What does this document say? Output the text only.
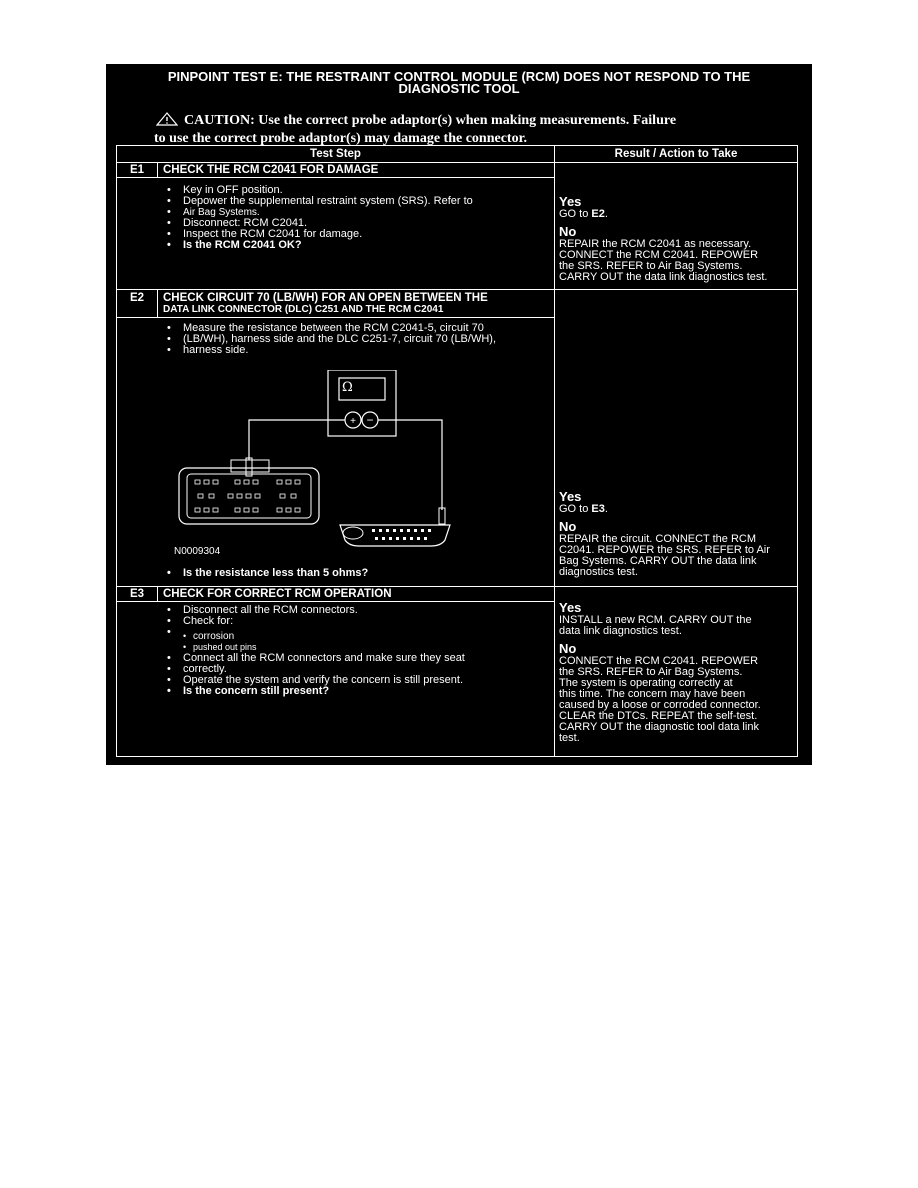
PINPOINT TEST E: THE RESTRAINT CONTROL MODULE (RCM) DOES NOT RESPOND TO THE
DIAGNOSTIC TOOL
CAUTION: Use the correct probe adaptor(s) when making measurements. Failure
to use the correct probe adaptor(s) may damage the connector.
Test Step	Result / Action to Take
E1	CHECK THE RCM C2041 FOR DAMAGE
• Key in OFF position.
• Depower the supplemental restraint system (SRS). Refer to
• Air Bag Systems.
• Disconnect: RCM C2041.
• Inspect the RCM C2041 for damage.
• Is the RCM C2041 OK?
Yes
GO to E2.
No
REPAIR the RCM C2041 as necessary.
CONNECT the RCM C2041. REPOWER
the SRS. REFER to Air Bag Systems.
CARRY OUT the data link diagnostics test.
E2	CHECK CIRCUIT 70 (LB/WH) FOR AN OPEN BETWEEN THE
DATA LINK CONNECTOR (DLC) C251 AND THE RCM C2041
• Measure the resistance between the RCM C2041-5, circuit 70
• (LB/WH), harness side and the DLC C251-7, circuit 70 (LB/WH),
• harness side.
+ −
Ω
N0009304
• Is the resistance less than 5 ohms?
Yes
GO to E3.
No
REPAIR the circuit. CONNECT the RCM
C2041. REPOWER the SRS. REFER to Air
Bag Systems. CARRY OUT the data link
diagnostics test.
E3	CHECK FOR CORRECT RCM OPERATION
• Disconnect all the RCM connectors.
• Check for:
• • corrosion
• pushed out pins
• Connect all the RCM connectors and make sure they seat
• correctly.
• Operate the system and verify the concern is still present.
• Is the concern still present?
Yes
INSTALL a new RCM. CARRY OUT the
data link diagnostics test.
No
CONNECT the RCM C2041. REPOWER
the SRS. REFER to Air Bag Systems.
The system is operating correctly at
this time. The concern may have been
caused by a loose or corroded connector.
CLEAR the DTCs. REPEAT the self-test.
CARRY OUT the diagnostic tool data link
test.
